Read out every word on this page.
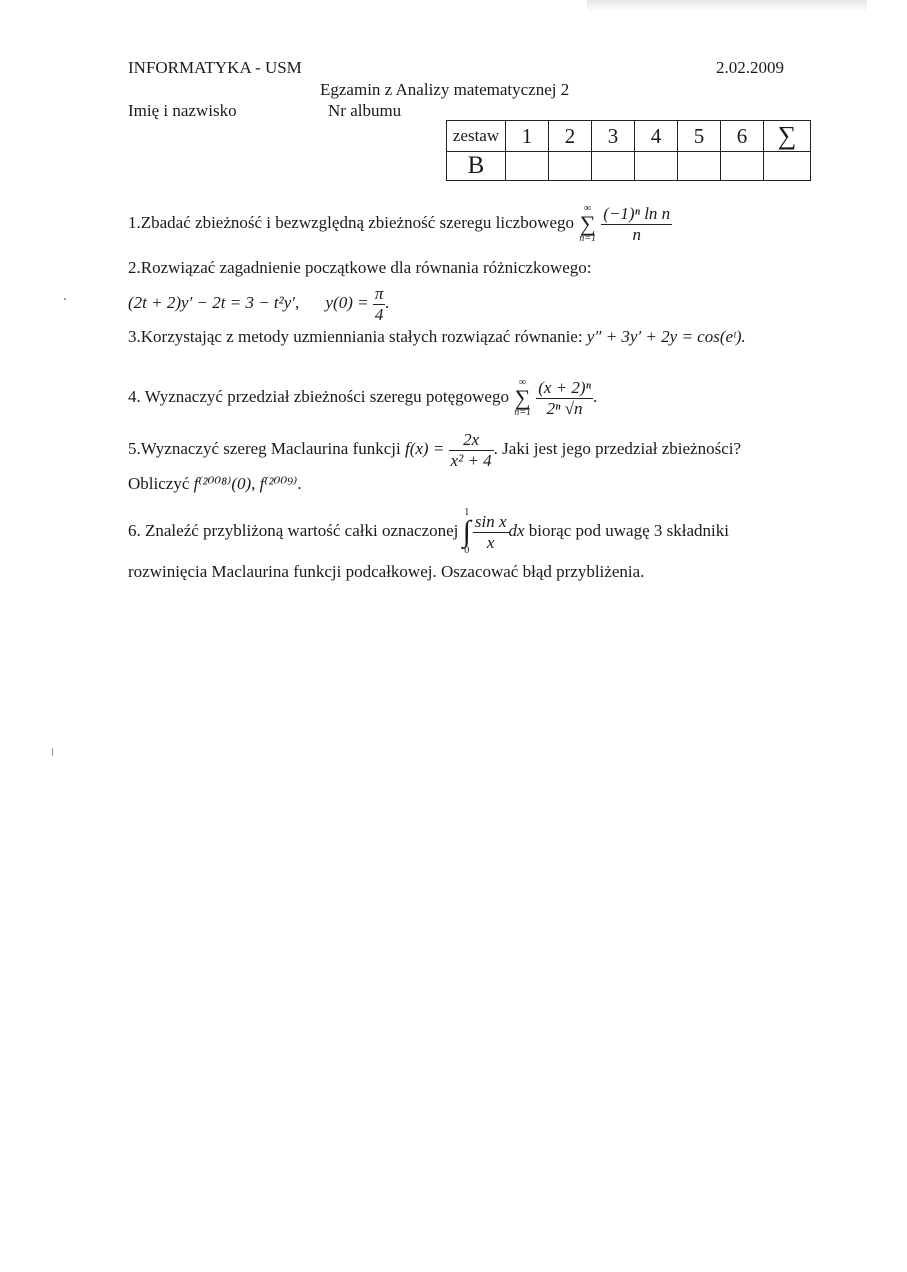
INFORMATYKA - USM	2.02.2009
Egzamin z Analizy matematycznej 2
Imię i nazwisko	Nr albumu
zestaw	1	2	3	4	5	6	∑
B							
1.Zbadać zbieżność i bezwzględną zbieżność szeregu liczbowego
∞
∑
n=1
$\frac{\text{(−1)ⁿ ln n}}{n}$
2.Rozwiązać zagadnienie początkowe dla równania różniczkowego:
(2t + 2)y′ − 2t = 3 − t²y′, $y(0) = \frac{\pi}{4}$ .
3.Korzystając z metody uzmienniania stałych rozwiązać równanie: y″ + 3y′ + 2y = cos(eᵗ).
4. Wyznaczyć przedział zbieżności szeregu potęgowego
∞
∑
n=1
$\frac{\text{(x + 2)ⁿ}}{\text{2ⁿ √n}}$ .
5.Wyznaczyć szereg Maclaurina funkcji $f(x) = \frac{2x}{\text{x² + 4}}$ . Jaki jest jego przedział zbieżności?
Obliczyć f⁽²⁰⁰⁸⁾(0), f⁽²⁰⁰⁹⁾.
6. Znaleźć przybliżoną wartość całki oznaczonej
1
∫
$0 \frac{\text{sin x}}{x}$ dx biorąc pod uwagę 3 składniki
rozwinięcia Maclaurina funkcji podcałkowej. Oszacować błąd przybliżenia.
